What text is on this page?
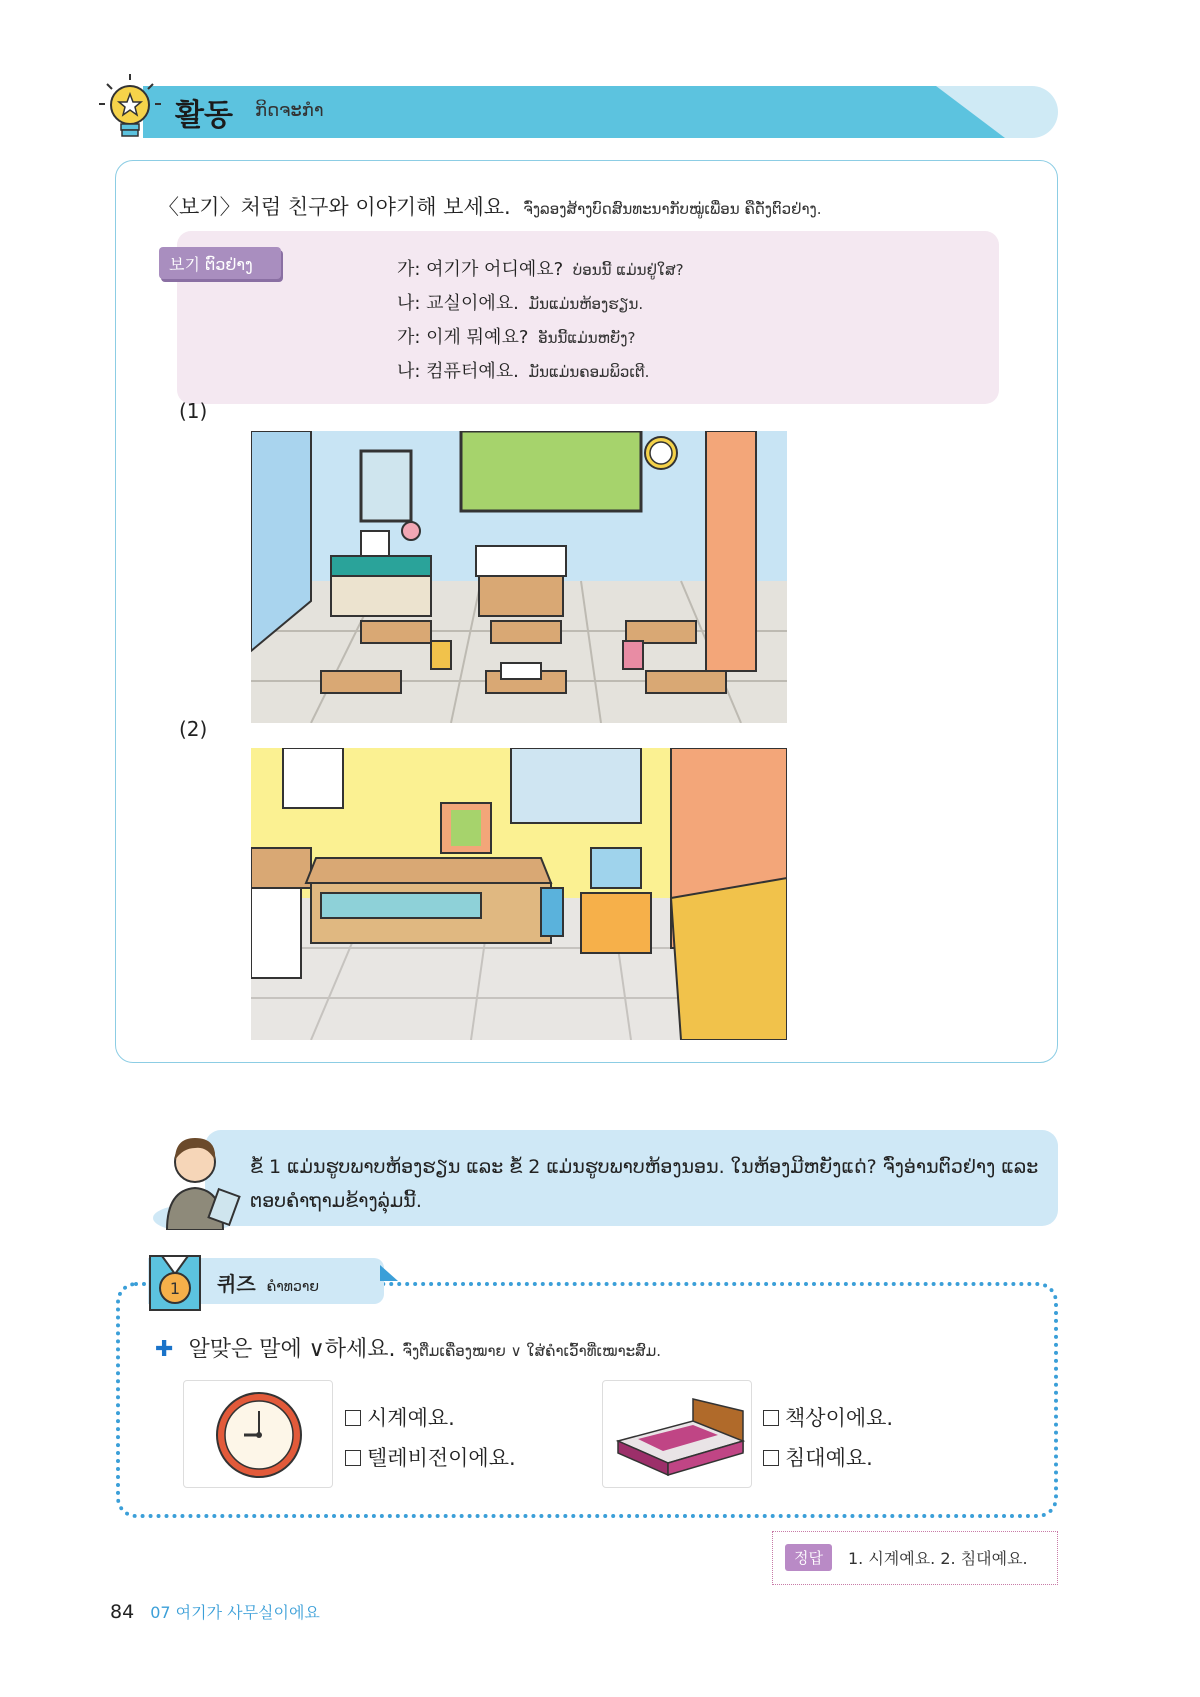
활동 ກິດຈະກຳ
〈보기〉처럼 친구와 이야기해 보세요. ຈົ່ງລອງສ້າງບົດສົນທະນາກັບໝູ່ເພື່ອນ ຄືດັ່ງຕົວຢ່າງ.
보기 ຕົວຢ່າງ	가: 여기가 어디예요? ບ່ອນນີ້ ແມ່ນຢູ່ໃສ?
나: 교실이에요. ມັນແມ່ນຫ້ອງຮຽນ.
가: 이게 뭐예요? ອັນນີ້ແມ່ນຫຍັງ?
나: 컴퓨터예요. ມັນແມ່ນຄອມພິວເຕີ.
(1)
(2)
ຂໍ້ 1 ແມ່ນຮູບພາບຫ້ອງຮຽນ ແລະ ຂໍ້ 2 ແມ່ນຮູບພາບຫ້ອງນອນ. ໃນຫ້ອງມີຫຍັງແດ່? ຈົ່ງອ່ານຕົວຢ່າງ ແລະ ຕອບຄຳຖາມຂ້າງລຸ່ມນີ້.
1 퀴즈 ຄຳທວາຍ
✚ 알맞은 말에 ∨하세요. ຈົ່ງຕື່ມເຄື່ອງໝາຍ ∨ ໃສ່ຄຳເວົ້າທີ່ເໝາະສົມ.
시계예요.
텔레비전이에요.
책상이에요.
침대예요.
정답	1. 시계예요. 2. 침대예요.
84 07 여기가 사무실이에요
